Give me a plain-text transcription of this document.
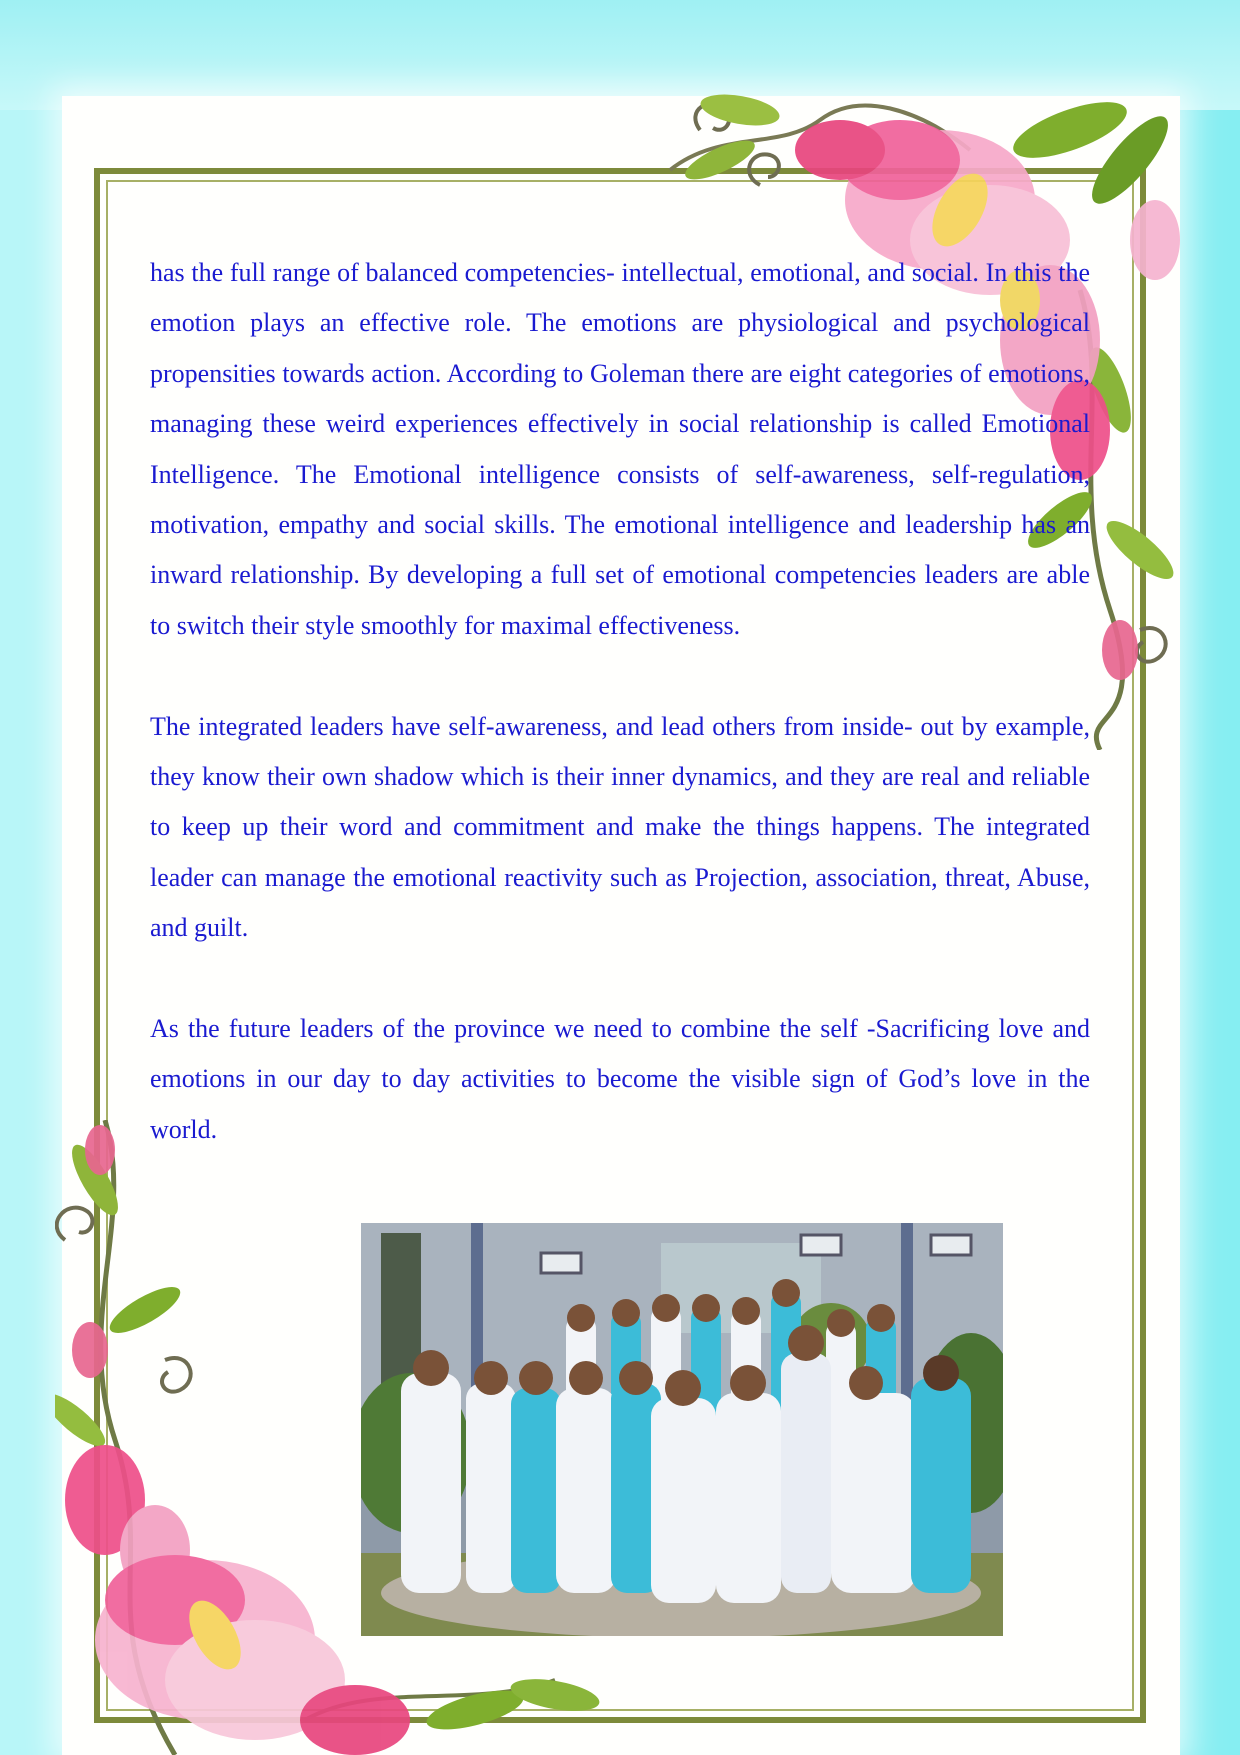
has the full range of balanced competencies- intellectual, emotional, and social. In this the emotion plays an effective role. The emotions are physiological and psychological propensities towards action. According to Goleman there are eight categories of emotions, managing these weird experiences effectively in social relationship is called Emotional Intelligence. The Emotional intelligence consists of self-awareness, self-regulation, motivation, empathy and social skills. The emotional intelligence and leadership has an inward relationship. By developing a full set of emotional competencies leaders are able to switch their style smoothly for maximal effectiveness.

The integrated leaders have self-awareness, and lead others from inside- out by example, they know their own shadow which is their inner dynamics, and they are real and reliable to keep up their word and commitment and make the things happens. The integrated leader can manage the emotional reactivity such as Projection, association, threat, Abuse, and guilt.

As the future leaders of the province we need to combine the self -Sacrificing love and emotions in our day to day activities to become the visible sign of God’s love in the world.
